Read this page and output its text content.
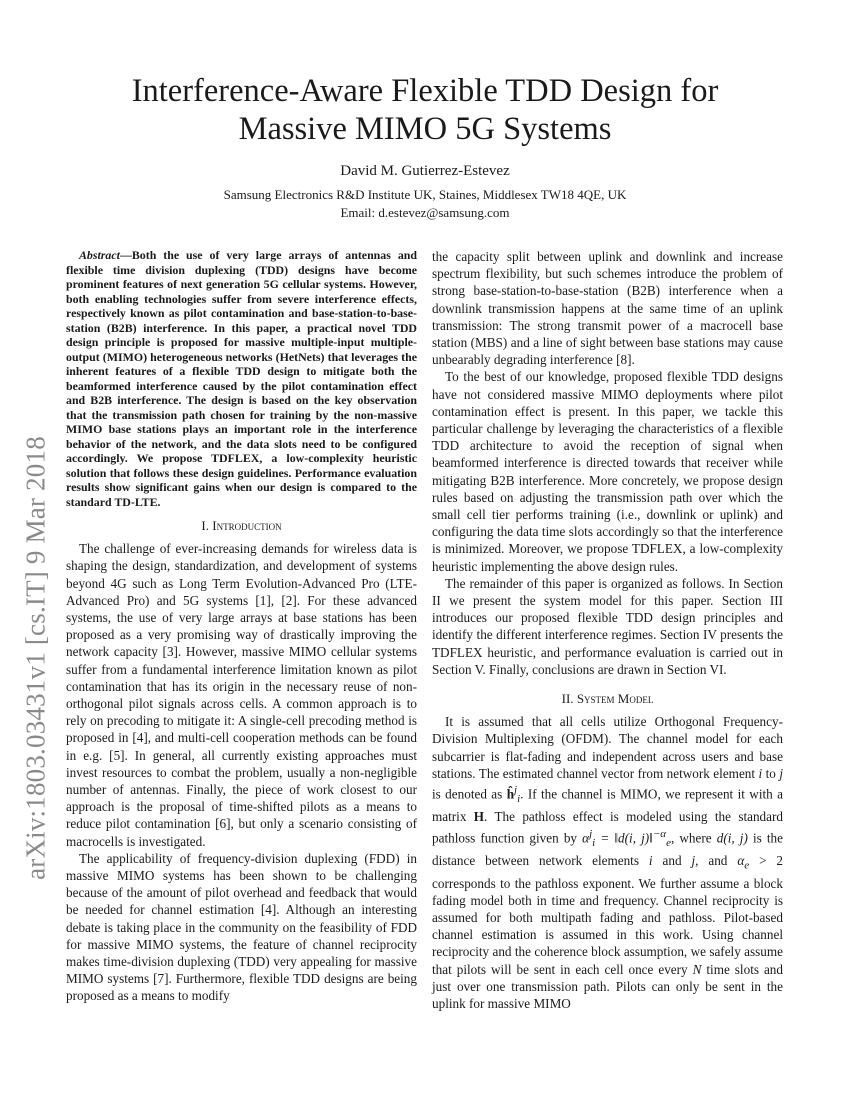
arXiv:1803.03431v1 [cs.IT] 9 Mar 2018
Interference-Aware Flexible TDD Design for
Massive MIMO 5G Systems
David M. Gutierrez-Estevez
Samsung Electronics R&D Institute UK, Staines, Middlesex TW18 4QE, UK
Email: d.estevez@samsung.com

Abstract—Both the use of very large arrays of antennas and flexible time division duplexing (TDD) designs have become prominent features of next generation 5G cellular systems. However, both enabling technologies suffer from severe interference effects, respectively known as pilot contamination and base-station-to-base-station (B2B) interference. In this paper, a practical novel TDD design principle is proposed for massive multiple-input multiple-output (MIMO) heterogeneous networks (HetNets) that leverages the inherent features of a flexible TDD design to mitigate both the beamformed interference caused by the pilot contamination effect and B2B interference. The design is based on the key observation that the transmission path chosen for training by the non-massive MIMO base stations plays an important role in the interference behavior of the network, and the data slots need to be configured accordingly. We propose TDFLEX, a low-complexity heuristic solution that follows these design guidelines. Performance evaluation results show significant gains when our design is compared to the standard TD-LTE.

I. Introduction

The challenge of ever-increasing demands for wireless data is shaping the design, standardization, and development of systems beyond 4G such as Long Term Evolution-Advanced Pro (LTE-Advanced Pro) and 5G systems [1], [2]. For these advanced systems, the use of very large arrays at base stations has been proposed as a very promising way of drastically improving the network capacity [3]. However, massive MIMO cellular systems suffer from a fundamental interference limitation known as pilot contamination that has its origin in the necessary reuse of non-orthogonal pilot signals across cells. A common approach is to rely on precoding to mitigate it: A single-cell precoding method is proposed in [4], and multi-cell cooperation methods can be found in e.g. [5]. In general, all currently existing approaches must invest resources to combat the problem, usually a non-negligible number of antennas. Finally, the piece of work closest to our approach is the proposal of time-shifted pilots as a means to reduce pilot contamination [6], but only a scenario consisting of macrocells is investigated.

The applicability of frequency-division duplexing (FDD) in massive MIMO systems has been shown to be challenging because of the amount of pilot overhead and feedback that would be needed for channel estimation [4]. Although an interesting debate is taking place in the community on the feasibility of FDD for massive MIMO systems, the feature of channel reciprocity makes time-division duplexing (TDD) very appealing for massive MIMO systems [7]. Furthermore, flexible TDD designs are being proposed as a means to modify

the capacity split between uplink and downlink and increase spectrum flexibility, but such schemes introduce the problem of strong base-station-to-base-station (B2B) interference when a downlink transmission happens at the same time of an uplink transmission: The strong transmit power of a macrocell base station (MBS) and a line of sight between base stations may cause unbearably degrading interference [8].

To the best of our knowledge, proposed flexible TDD designs have not considered massive MIMO deployments where pilot contamination effect is present. In this paper, we tackle this particular challenge by leveraging the characteristics of a flexible TDD architecture to avoid the reception of signal when beamformed interference is directed towards that receiver while mitigating B2B interference. More concretely, we propose design rules based on adjusting the transmission path over which the small cell tier performs training (i.e., downlink or uplink) and configuring the data time slots accordingly so that the interference is minimized. Moreover, we propose TDFLEX, a low-complexity heuristic implementing the above design rules.

The remainder of this paper is organized as follows. In Section II we present the system model for this paper. Section III introduces our proposed flexible TDD design principles and identify the different interference regimes. Section IV presents the TDFLEX heuristic, and performance evaluation is carried out in Section V. Finally, conclusions are drawn in Section VI.

II. System Model

It is assumed that all cells utilize Orthogonal Frequency-Division Multiplexing (OFDM). The channel model for each subcarrier is flat-fading and independent across users and base stations. The estimated channel vector from network element i to j is denoted as $ĥ^j_i$. If the channel is MIMO, we represent it with a matrix H. The pathloss effect is modeled using the standard pathloss function given by $\alpha^j_i$ = ‖d(i, j)‖$^{-\alpha}_e$, where d(i, j) is the distance between network elements i and j, and $\alpha_e > 2$ corresponds to the pathloss exponent. We further assume a block fading model both in time and frequency. Channel reciprocity is assumed for both multipath fading and pathloss. Pilot-based channel estimation is assumed in this work. Using channel reciprocity and the coherence block assumption, we safely assume that pilots will be sent in each cell once every N time slots and just over one transmission path. Pilots can only be sent in the uplink for massive MIMO
